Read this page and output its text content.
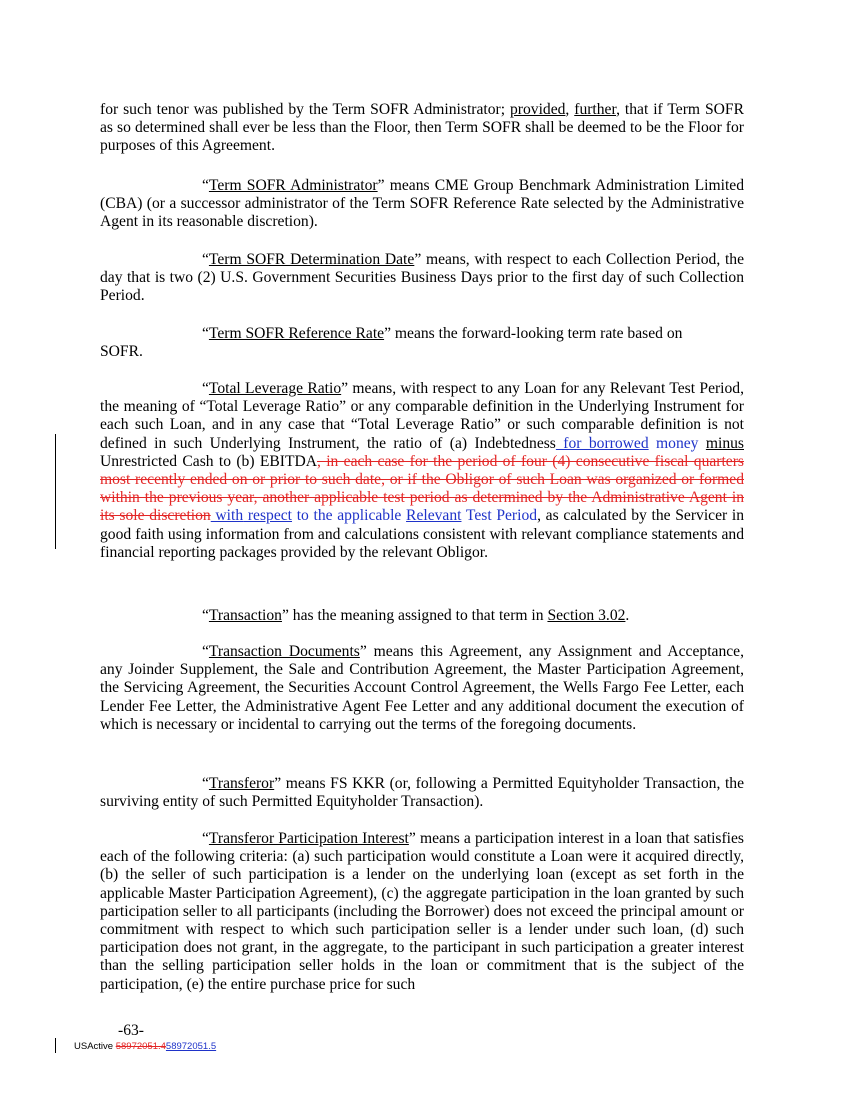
for such tenor was published by the Term SOFR Administrator; provided, further, that if Term SOFR as so determined shall ever be less than the Floor, then Term SOFR shall be deemed to be the Floor for purposes of this Agreement.

“Term SOFR Administrator” means CME Group Benchmark Administration Limited (CBA) (or a successor administrator of the Term SOFR Reference Rate selected by the Administrative Agent in its reasonable discretion).

“Term SOFR Determination Date” means, with respect to each Collection Period, the day that is two (2) U.S. Government Securities Business Days prior to the first day of such Collection Period.

“Term SOFR Reference Rate” means the forward-looking term rate based on SOFR.

“Total Leverage Ratio” means, with respect to any Loan for any Relevant Test Period, the meaning of “Total Leverage Ratio” or any comparable definition in the Underlying Instrument for each such Loan, and in any case that “Total Leverage Ratio” or such comparable definition is not defined in such Underlying Instrument, the ratio of (a) Indebtedness for borrowed money minus Unrestricted Cash to (b) EBITDA, in each case for the period of four (4) consecutive fiscal quarters most recently ended on or prior to such date, or if the Obligor of such Loan was organized or formed within the previous year, another applicable test period as determined by the Administrative Agent in its sole discretion with respect to the applicable Relevant Test Period, as calculated by the Servicer in good faith using information from and calculations consistent with relevant compliance statements and financial reporting packages provided by the relevant Obligor.

“Transaction” has the meaning assigned to that term in Section 3.02.

“Transaction Documents” means this Agreement, any Assignment and Acceptance, any Joinder Supplement, the Sale and Contribution Agreement, the Master Participation Agreement, the Servicing Agreement, the Securities Account Control Agreement, the Wells Fargo Fee Letter, each Lender Fee Letter, the Administrative Agent Fee Letter and any additional document the execution of which is necessary or incidental to carrying out the terms of the foregoing documents.

“Transferor” means FS KKR (or, following a Permitted Equityholder Transaction, the surviving entity of such Permitted Equityholder Transaction).

“Transferor Participation Interest” means a participation interest in a loan that satisfies each of the following criteria: (a) such participation would constitute a Loan were it acquired directly, (b) the seller of such participation is a lender on the underlying loan (except as set forth in the applicable Master Participation Agreement), (c) the aggregate participation in the loan granted by such participation seller to all participants (including the Borrower) does not exceed the principal amount or commitment with respect to which such participation seller is a lender under such loan, (d) such participation does not grant, in the aggregate, to the participant in such participation a greater interest than the selling participation seller holds in the loan or commitment that is the subject of the participation, (e) the entire purchase price for such

-63-
USActive 58972051.458972051.5
